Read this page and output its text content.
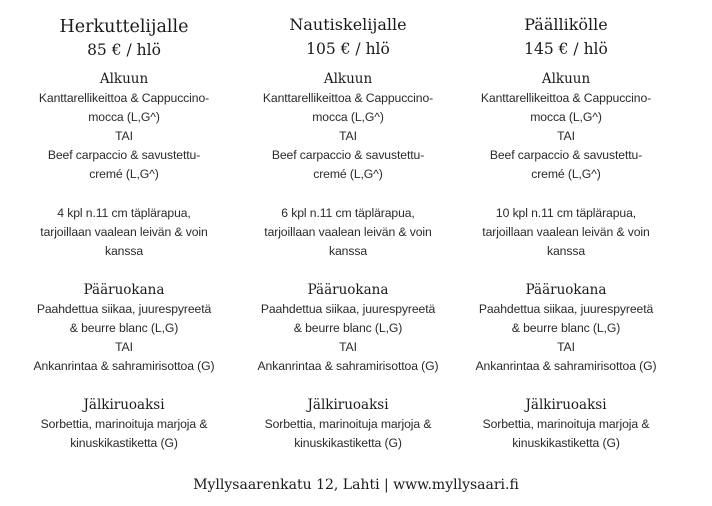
Herkuttelijalle
85 € / hlö
Alkuun
Kanttarellikeittoa & Cappuccino-
mocca (L,G^)
TAI
Beef carpaccio & savustettu-
cremé (L,G^)
4 kpl n.11 cm täplärapua,
tarjoillaan vaalean leivän & voin
kanssa
Pääruokana
Paahdettua siikaa, juurespyreetä
& beurre blanc (L,G)
TAI
Ankanrintaa & sahramirisottoa (G)
Jälkiruoaksi
Sorbettia, marinoituja marjoja &
kinuskikastiketta (G)
Nautiskelijalle
105 € / hlö
Alkuun
Kanttarellikeittoa & Cappuccino-
mocca (L,G^)
TAI
Beef carpaccio & savustettu-
cremé (L,G^)
6 kpl n.11 cm täplärapua,
tarjoillaan vaalean leivän & voin
kanssa
Pääruokana
Paahdettua siikaa, juurespyreetä
& beurre blanc (L,G)
TAI
Ankanrintaa & sahramirisottoa (G)
Jälkiruoaksi
Sorbettia, marinoituja marjoja &
kinuskikastiketta (G)
Päällikölle
145 € / hlö
Alkuun
Kanttarellikeittoa & Cappuccino-
mocca (L,G^)
TAI
Beef carpaccio & savustettu-
cremé (L,G^)
10 kpl n.11 cm täplärapua,
tarjoillaan vaalean leivän & voin
kanssa
Pääruokana
Paahdettua siikaa, juurespyreetä
& beurre blanc (L,G)
TAI
Ankanrintaa & sahramirisottoa (G)
Jälkiruoaksi
Sorbettia, marinoituja marjoja &
kinuskikastiketta (G)
Myllysaarenkatu 12, Lahti | www.myllysaari.fi
